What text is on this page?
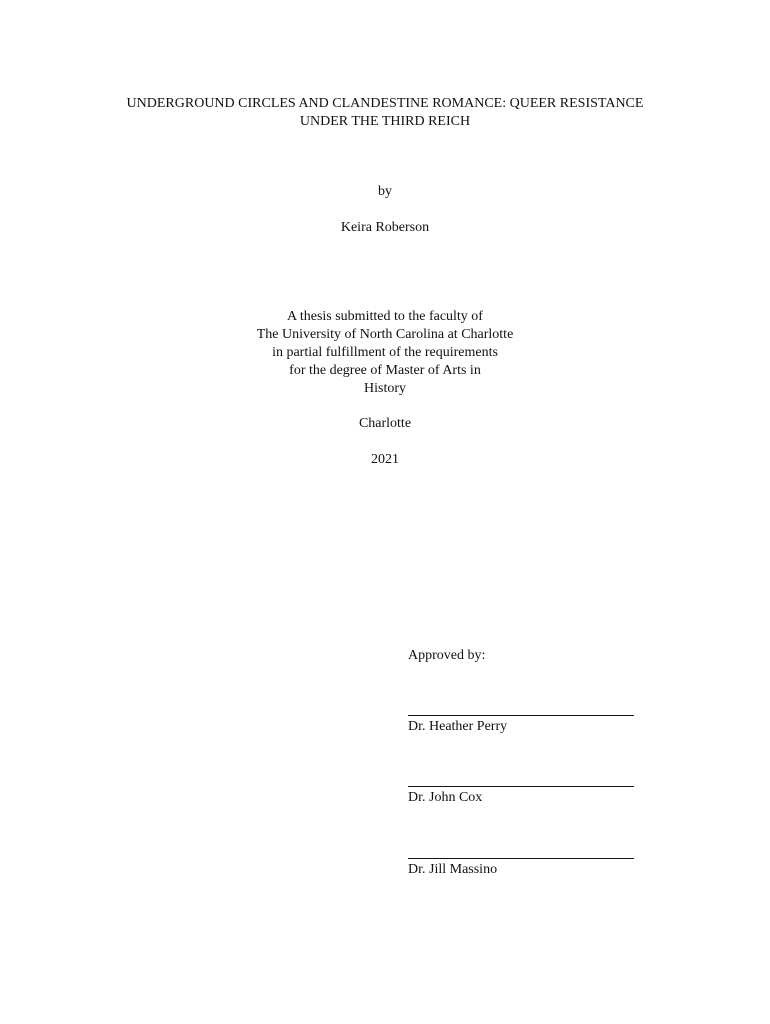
UNDERGROUND CIRCLES AND CLANDESTINE ROMANCE: QUEER RESISTANCE
UNDER THE THIRD REICH
by
Keira Roberson
A thesis submitted to the faculty of
The University of North Carolina at Charlotte
in partial fulfillment of the requirements
for the degree of Master of Arts in
History
Charlotte
2021
Approved by:
Dr. Heather Perry
Dr. John Cox
Dr. Jill Massino
